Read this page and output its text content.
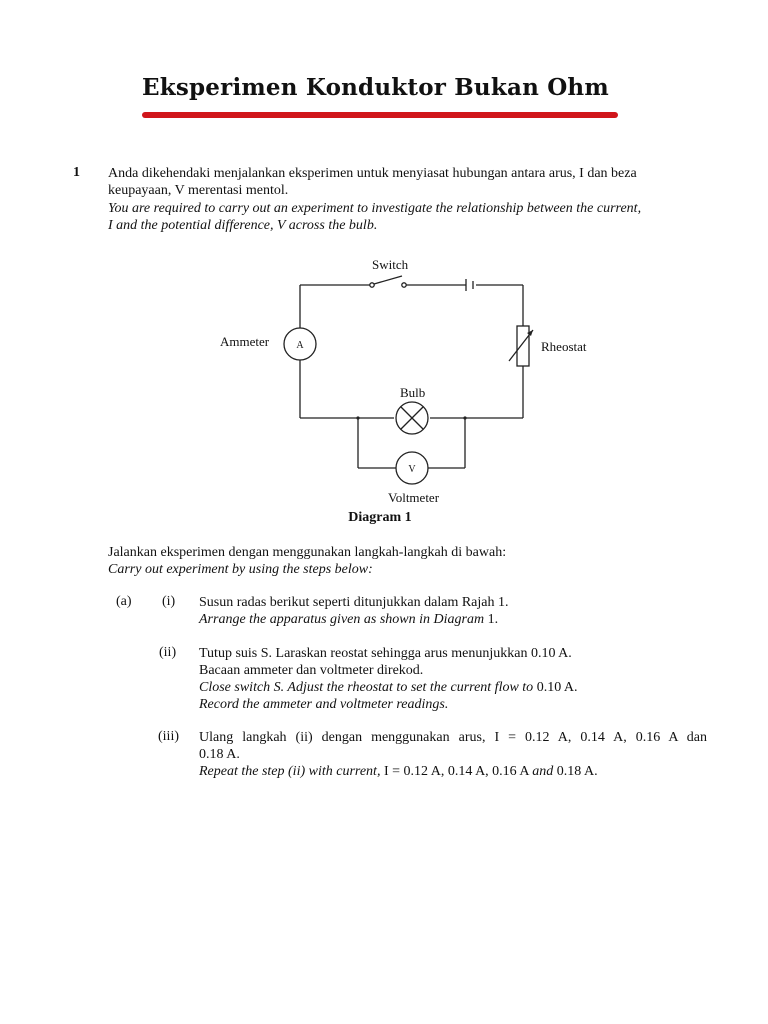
Eksperimen Konduktor Bukan Ohm
1 Anda dikehendaki menjalankan eksperimen untuk menyiasat hubungan antara arus, I dan beza
keupayaan, V merentasi mentol.
You are required to carry out an experiment to investigate the relationship between the current,
I and the potential difference, V across the bulb.
Switch
Ammeter	A	Rheostat
Bulb
V
Voltmeter
Diagram 1
Jalankan eksperimen dengan menggunakan langkah-langkah di bawah:
Carry out experiment by using the steps below:
(a) (i) Susun radas berikut seperti ditunjukkan dalam Rajah 1.
Arrange the apparatus given as shown in Diagram 1.
(ii) Tutup suis S. Laraskan reostat sehingga arus menunjukkan 0.10 A.
Bacaan ammeter dan voltmeter direkod.
Close switch S. Adjust the rheostat to set the current flow to 0.10 A.
Record the ammeter and voltmeter readings.
(iii) Ulang langkah (ii) dengan menggunakan arus, I = 0.12 A, 0.14 A, 0.16 A dan
0.18 A.
Repeat the step (ii) with current, I = 0.12 A, 0.14 A, 0.16 A and 0.18 A.
